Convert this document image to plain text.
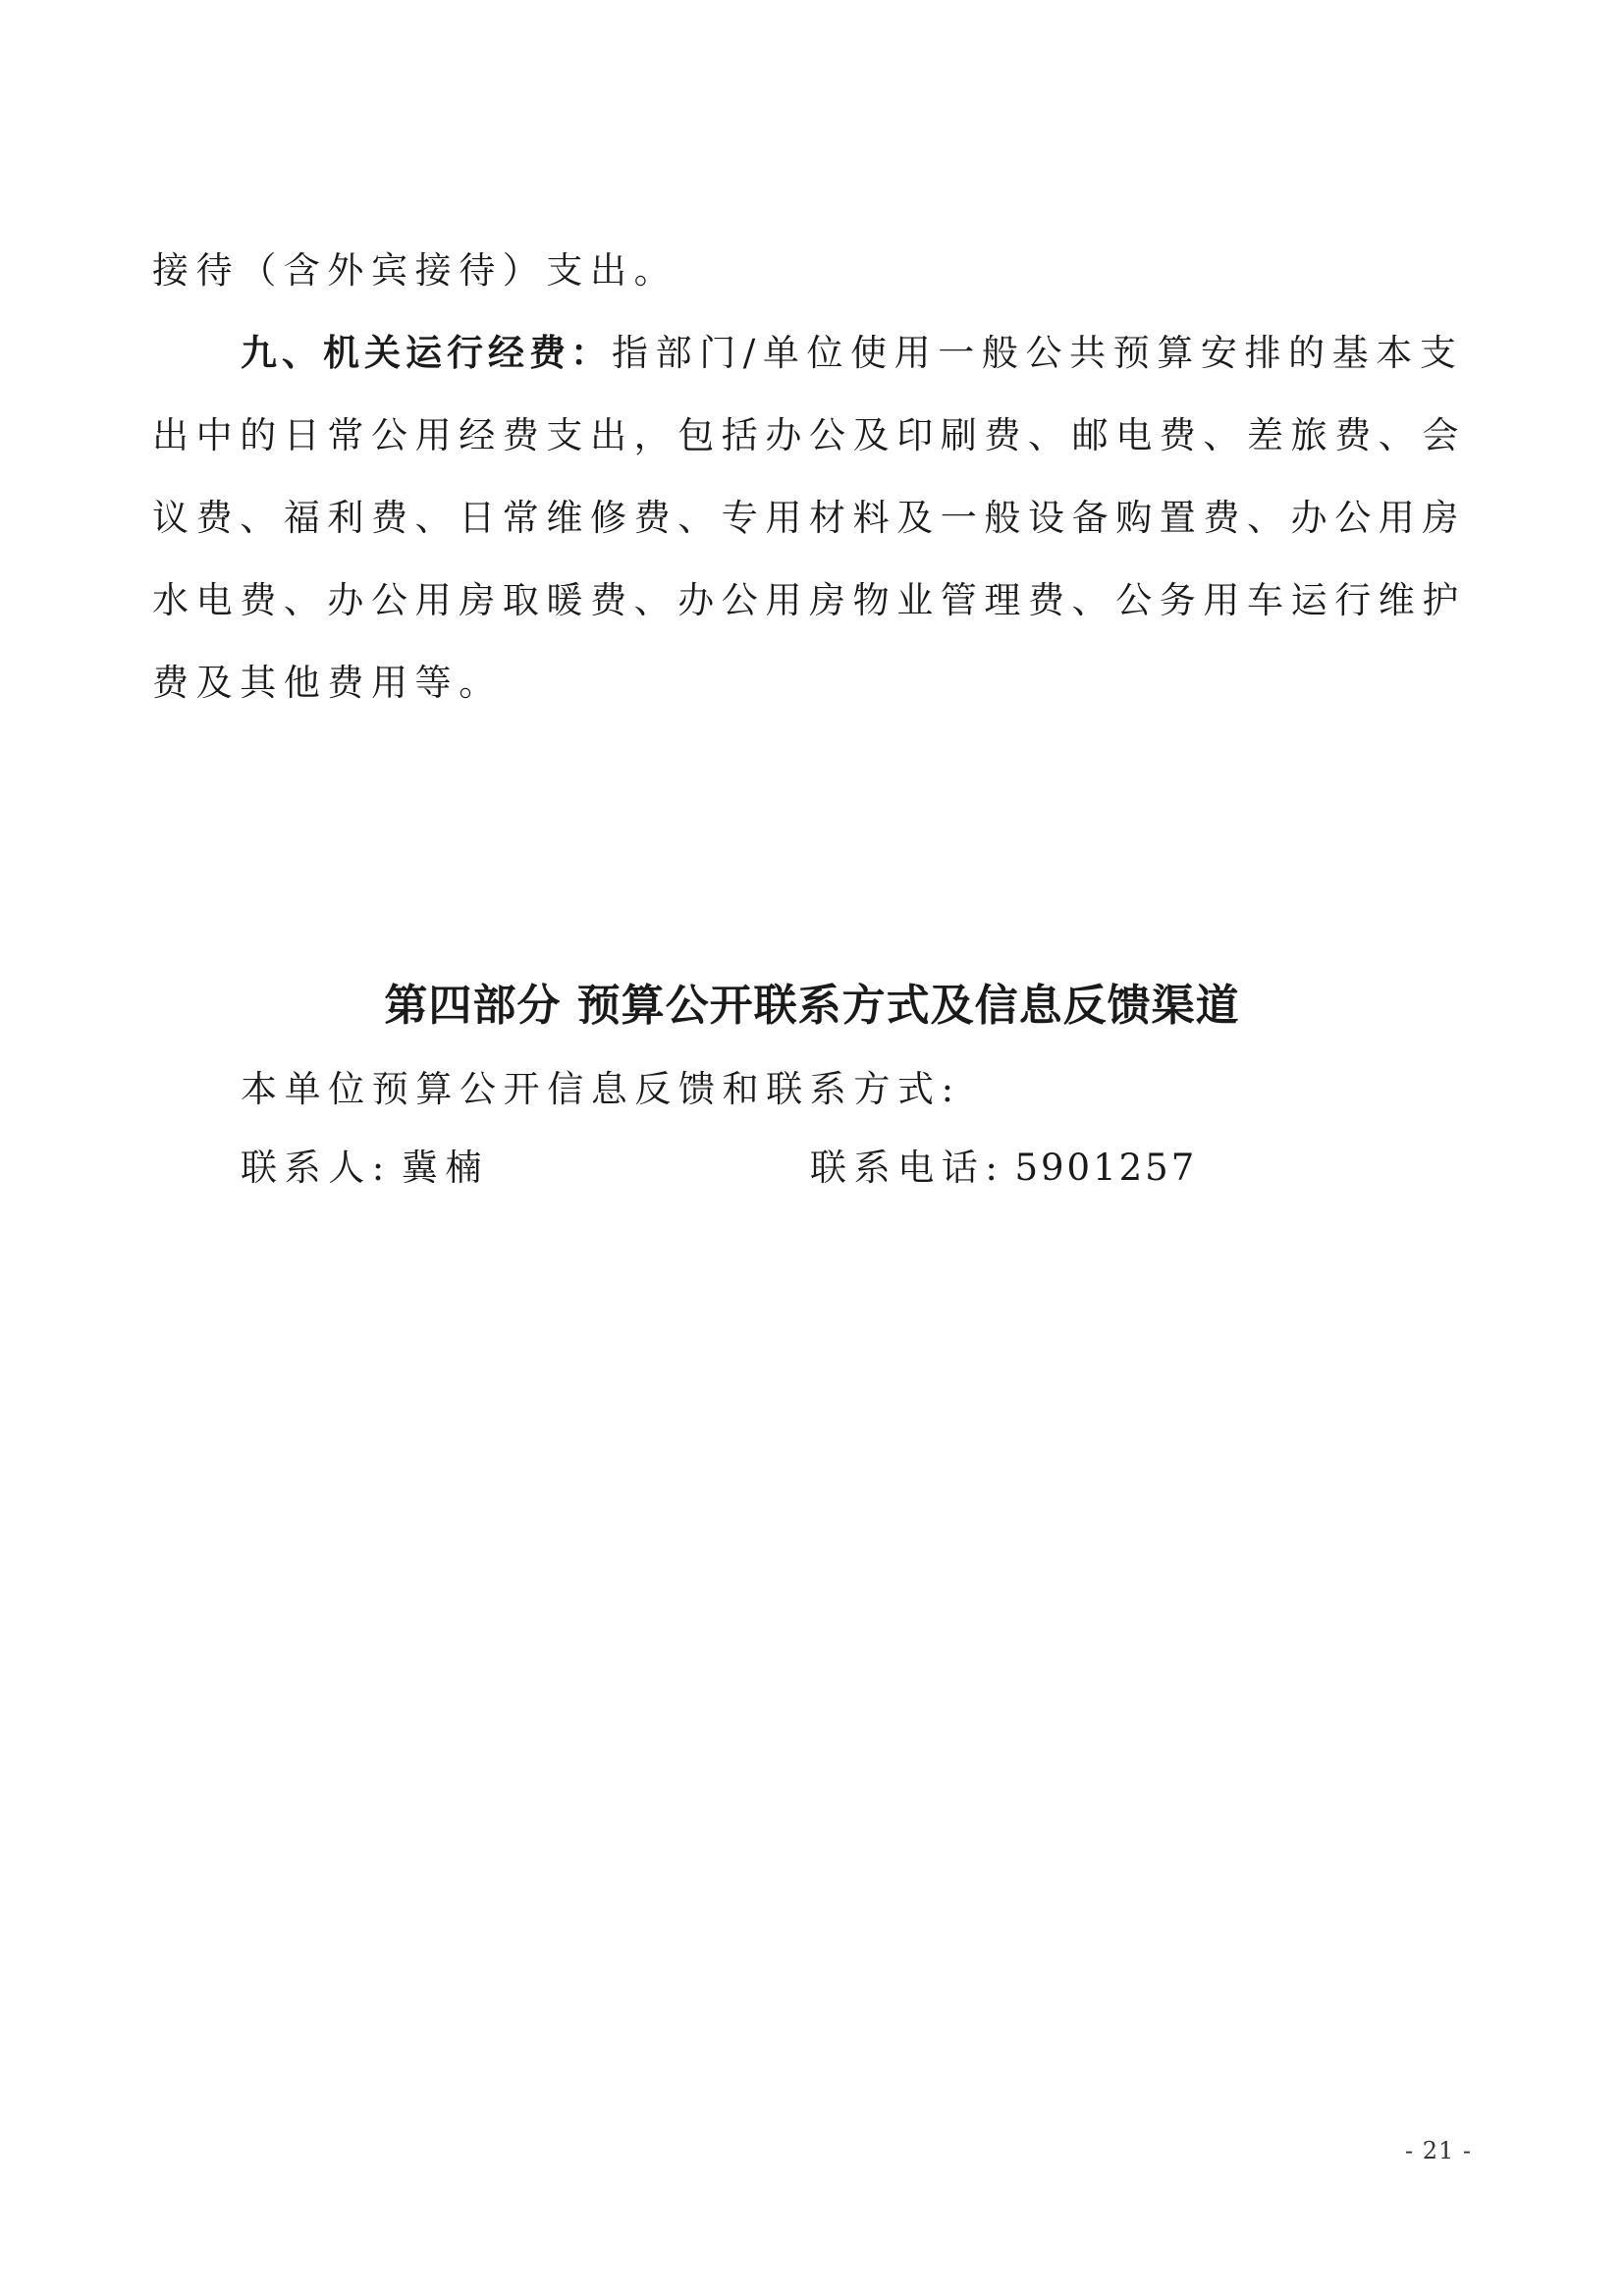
接待（含外宾接待）支出。
九、机关运行经费：指部门/单位使用一般公共预算安排的基本支
出中的日常公用经费支出，包括办公及印刷费、邮电费、差旅费、会
议费、福利费、日常维修费、专用材料及一般设备购置费、办公用房
水电费、办公用房取暖费、办公用房物业管理费、公务用车运行维护
费及其他费用等。
第四部分 预算公开联系方式及信息反馈渠道
本单位预算公开信息反馈和联系方式:
联系人: 冀楠	联系电话: 5901257
- 21 -
